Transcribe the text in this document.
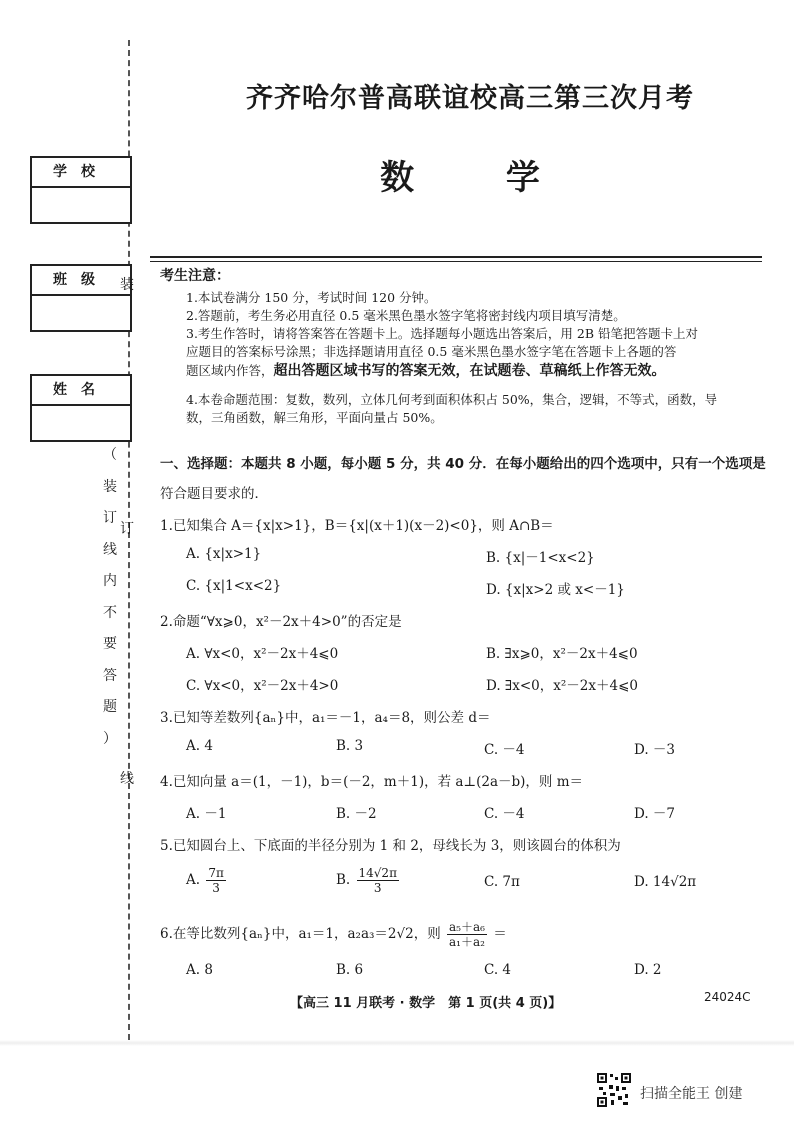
学校
班级
姓名
装
订
线
（
装
订
线
内
不
要
答
题
）
齐齐哈尔普高联谊校高三第三次月考
数 学
考生注意：
1.本试卷满分 150 分，考试时间 120 分钟。
2.答题前，考生务必用直径 0.5 毫米黑色墨水签字笔将密封线内项目填写清楚。
3.考生作答时，请将答案答在答题卡上。选择题每小题选出答案后，用 2B 铅笔把答题卡上对
应题目的答案标号涂黑；非选择题请用直径 0.5 毫米黑色墨水签字笔在答题卡上各题的答
题区域内作答，超出答题区域书写的答案无效，在试题卷、草稿纸上作答无效。
4.本卷命题范围：复数，数列，立体几何考到面积体积占 50%，集合，逻辑，不等式，函数，导
数，三角函数，解三角形，平面向量占 50%。
一、选择题：本题共 8 小题，每小题 5 分，共 40 分．在每小题给出的四个选项中，只有一个选项是
符合题目要求的．
1.已知集合 A＝{x|x>1}，B＝{x|(x＋1)(x－2)<0}，则 A∩B＝
A. {x|x>1}	B. {x|－1<x<2}
C. {x|1<x<2}	D. {x|x>2 或 x<－1}
2.命题“∀x⩾0，x²－2x＋4>0”的否定是
A. ∀x<0，x²－2x＋4⩽0	B. ∃x⩾0，x²－2x＋4⩽0
C. ∀x<0，x²－2x＋4>0	D. ∃x<0，x²－2x＋4⩽0
3.已知等差数列{aₙ}中，a₁＝－1，a₄＝8，则公差 d＝
A. 4	B. 3	C. －4	D. －3
4.已知向量 a＝(1，－1)，b＝(－2，m＋1)，若 a⊥(2a－b)，则 m＝
A. －1	B. －2	C. －4	D. －7
5.已知圆台上、下底面的半径分别为 1 和 2，母线长为 3，则该圆台的体积为
A. $\frac{7\pi}{3}$	B. $\frac{14√2\pi}{3}$	C. 7π	D. 14√2π
6.在等比数列{aₙ}中，a₁＝1，a₂a₃＝2√2，则 $\frac{\text{a₅＋a₆}}{\text{a₁＋a₂}}$ ＝
A. 8	B. 6	C. 4	D. 2
【高三 11 月联考 · 数学　第 1 页(共 4 页)】	24024C
扫描全能王 创建
